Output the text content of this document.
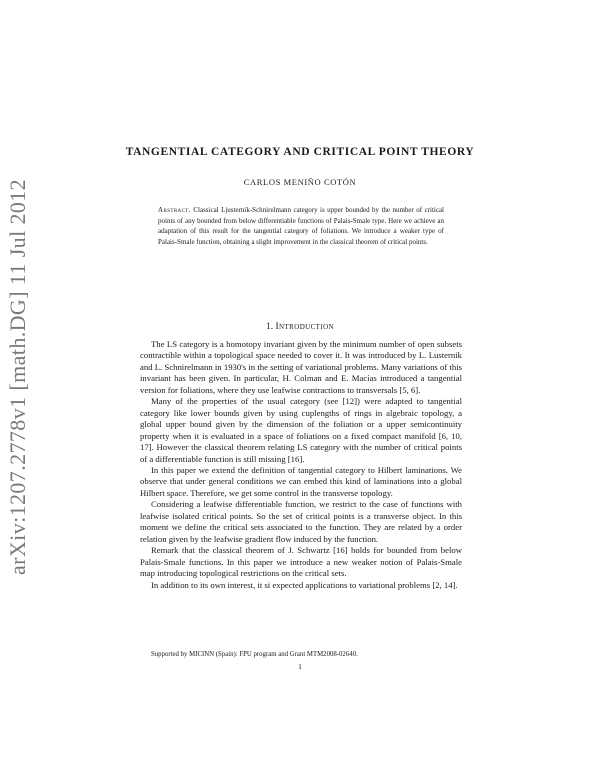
arXiv:1207.2778v1 [math.DG] 11 Jul 2012
TANGENTIAL CATEGORY AND CRITICAL POINT THEORY
CARLOS MENIÑO COTÓN
Abstract. Classical Ljusternik-Schnirelmann category is upper bounded by the number of critical points of any bounded from below differentiable functions of Palais-Smale type. Here we achieve an adaptation of this result for the tangential category of foliations. We introduce a weaker type of Palais-Smale function, obtaining a slight improvement in the classical theorem of critical points.
1. Introduction

The LS category is a homotopy invariant given by the minimum number of open subsets contractible within a topological space needed to cover it. It was introduced by L. Lusternik and L. Schnirelmann in 1930's in the setting of variational problems. Many variations of this invariant has been given. In particular, H. Colman and E. Macías introduced a tangential version for foliations, where they use leafwise contractions to transversals [5, 6].

Many of the properties of the usual category (see [12]) were adapted to tangential category like lower bounds given by using cuplengths of rings in algebraic topology, a global upper bound given by the dimension of the foliation or a upper semicontinuity property when it is evaluated in a space of foliations on a fixed compact manifold [6, 10, 17]. However the classical theorem relating LS category with the number of critical points of a differentiable function is still missing [16].

In this paper we extend the definition of tangential category to Hilbert laminations. We observe that under general conditions we can embed this kind of laminations into a global Hilbert space. Therefore, we get some control in the transverse topology.

Considering a leafwise differentiable function, we restrict to the case of functions with leafwise isolated critical points. So the set of critical points is a transverse object. In this moment we define the critical sets associated to the function. They are related by a order relation given by the leafwise gradient flow induced by the function.

Remark that the classical theorem of J. Schwartz [16] holds for bounded from below Palais-Smale functions. In this paper we introduce a new weaker notion of Palais-Smale map introducing topological restrictions on the critical sets.

In addition to its own interest, it si expected applications to variational problems [2, 14].

Supported by MICINN (Spain): FPU program and Grant MTM2008-02640.
1
